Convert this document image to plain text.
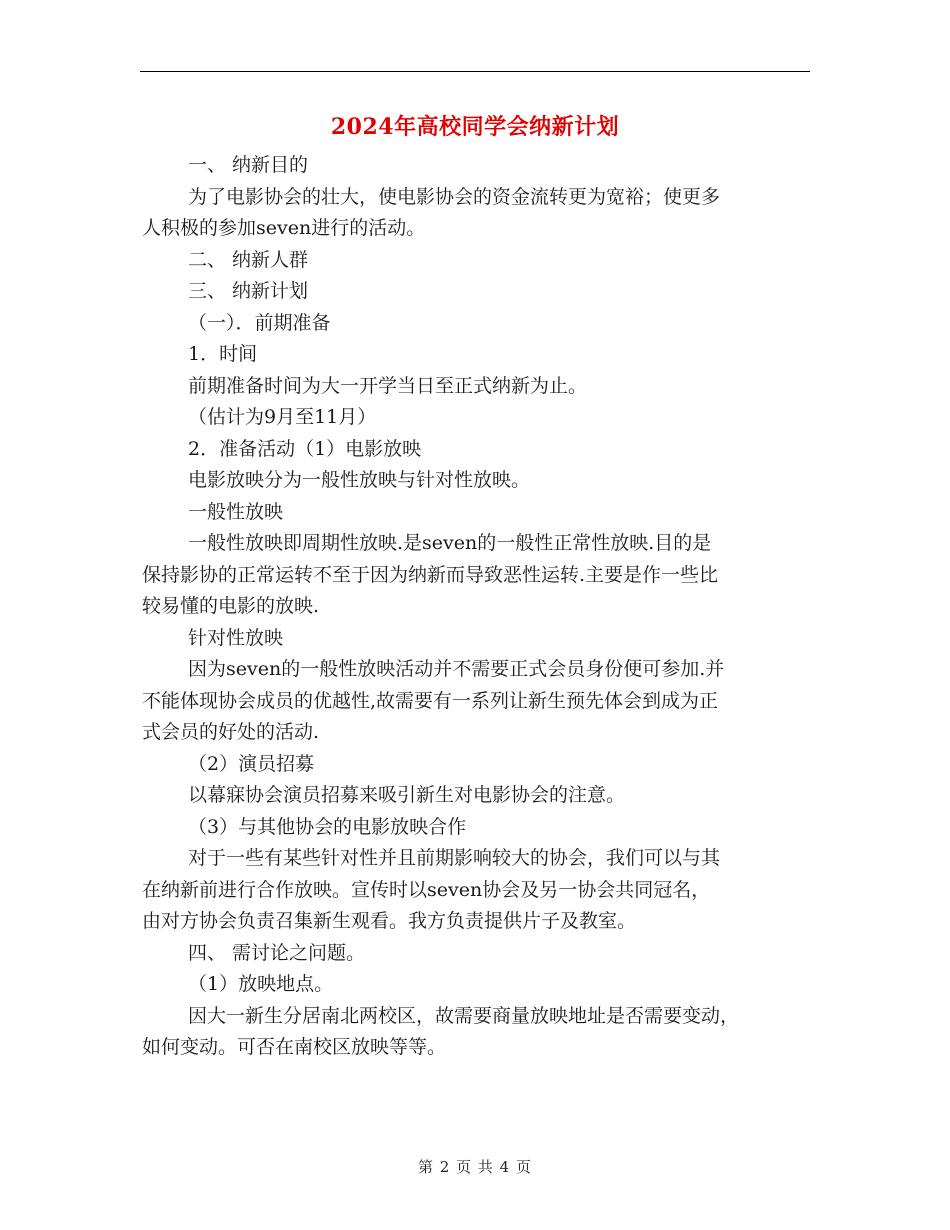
2024年高校同学会纳新计划
一、 纳新目的
为了电影协会的壮大，使电影协会的资金流转更为宽裕；使更多
人积极的参加seven进行的活动。
二、 纳新人群
三、 纳新计划
（一）．前期准备
1．时间
前期准备时间为大一开学当日至正式纳新为止。
（估计为9月至11月）
2．准备活动（1）电影放映
电影放映分为一般性放映与针对性放映。
一般性放映
一般性放映即周期性放映.是seven的一般性正常性放映.目的是
保持影协的正常运转不至于因为纳新而导致恶性运转.主要是作一些比
较易懂的电影的放映.
针对性放映
因为seven的一般性放映活动并不需要正式会员身份便可参加.并
不能体现协会成员的优越性,故需要有一系列让新生预先体会到成为正
式会员的好处的活动.
（2）演员招募
以幕寐协会演员招募来吸引新生对电影协会的注意。
（3）与其他协会的电影放映合作
对于一些有某些针对性并且前期影响较大的协会，我们可以与其
在纳新前进行合作放映。宣传时以seven协会及另一协会共同冠名，
由对方协会负责召集新生观看。我方负责提供片子及教室。
四、 需讨论之问题。
（1）放映地点。
因大一新生分居南北两校区，故需要商量放映地址是否需要变动，
如何变动。可否在南校区放映等等。
第 2 页 共 4 页
